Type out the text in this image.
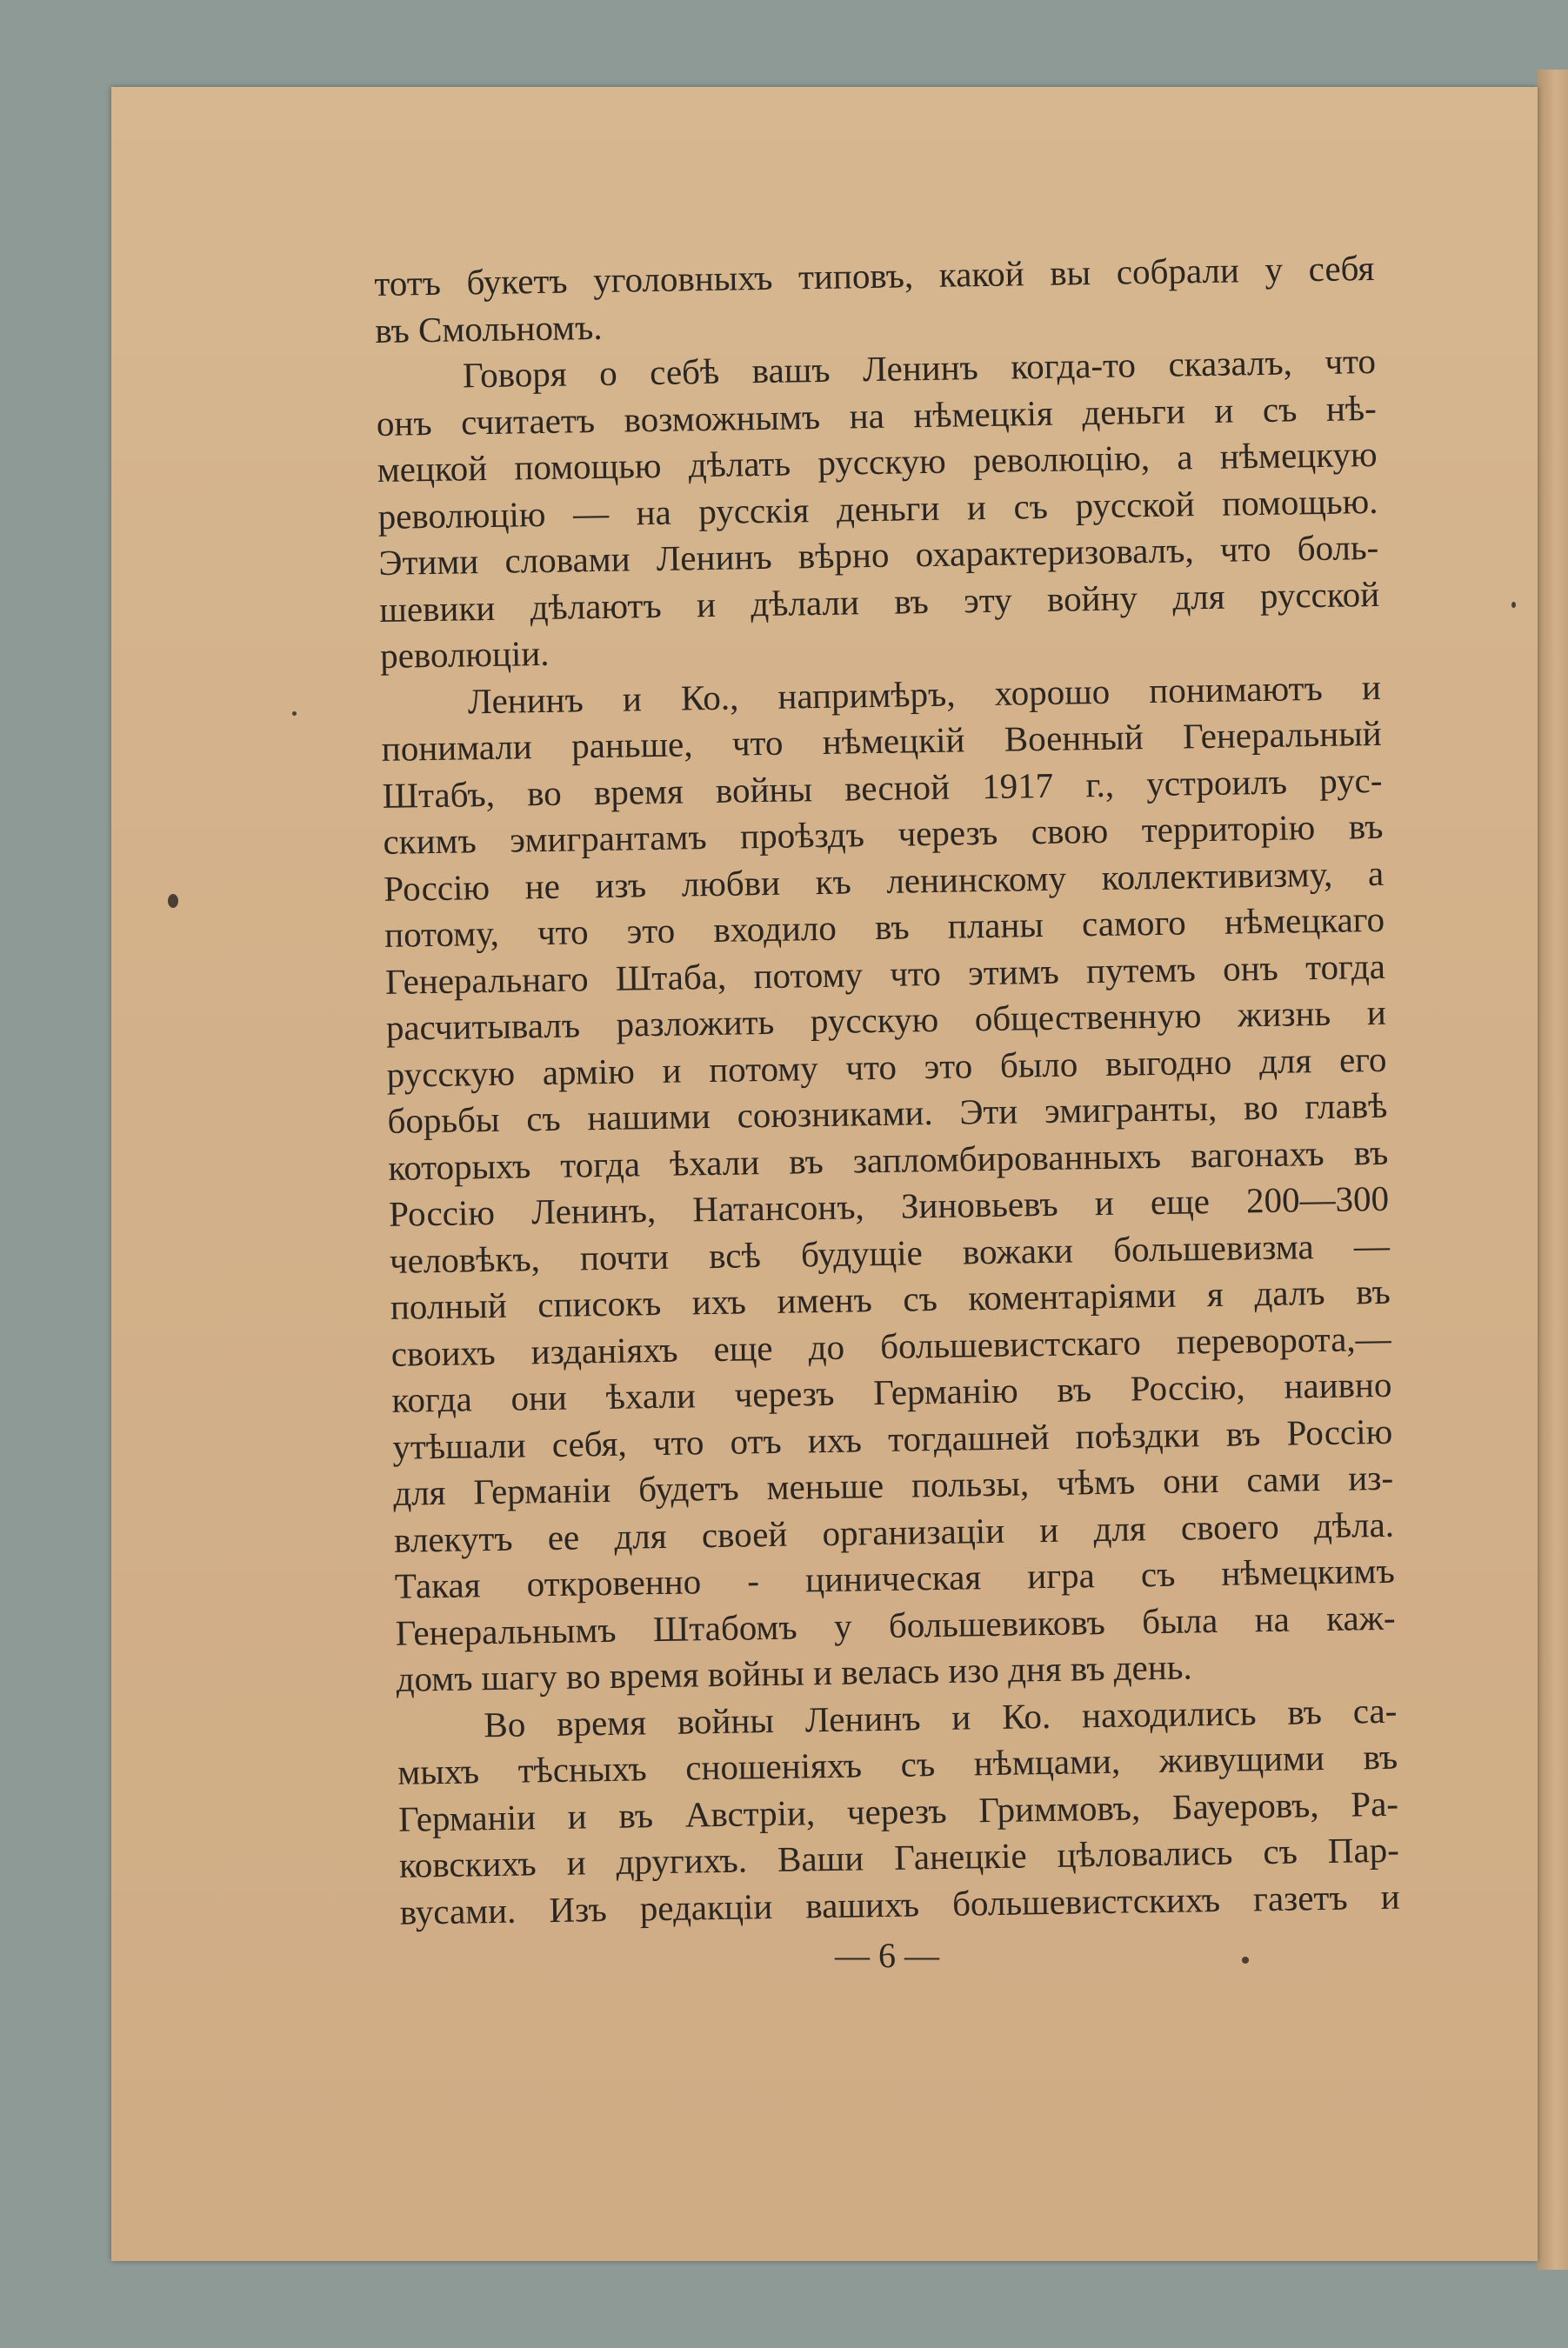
тотъ букетъ уголовныхъ типовъ, какой вы собрали у себя
въ Смольномъ.
Говоря о себѣ вашъ Ленинъ когда-то сказалъ, что
онъ считаетъ возможнымъ на нѣмецкія деньги и съ нѣ-
мецкой помощью дѣлать русскую революцію, а нѣмецкую
революцію — на русскія деньги и съ русской помощью.
Этими словами Ленинъ вѣрно охарактеризовалъ, что боль-
шевики дѣлаютъ и дѣлали въ эту войну для русской
революціи.
Ленинъ и Ко., напримѣръ, хорошо понимаютъ и
понимали раньше, что нѣмецкій Военный Генеральный
Штабъ, во время войны весной 1917 г., устроилъ рус-
скимъ эмигрантамъ проѣздъ черезъ свою территорію въ
Россію не изъ любви къ ленинскому коллективизму, а
потому, что это входило въ планы самого нѣмецкаго
Генеральнаго Штаба, потому что этимъ путемъ онъ тогда
расчитывалъ разложить русскую общественную жизнь и
русскую армію и потому что это было выгодно для его
борьбы съ нашими союзниками. Эти эмигранты, во главѣ
которыхъ тогда ѣхали въ запломбированныхъ вагонахъ въ
Россію Ленинъ, Натансонъ, Зиновьевъ и еще 200—300
человѣкъ, почти всѣ будущіе вожаки большевизма —
полный списокъ ихъ именъ съ коментаріями я далъ въ
своихъ изданіяхъ еще до большевистскаго переворота,—
когда они ѣхали черезъ Германію въ Россію, наивно
утѣшали себя, что отъ ихъ тогдашней поѣздки въ Россію
для Германіи будетъ меньше пользы, чѣмъ они сами из-
влекутъ ее для своей организаціи и для своего дѣла.
Такая откровенно - циническая игра съ нѣмецкимъ
Генеральнымъ Штабомъ у большевиковъ была на каж-
домъ шагу во время войны и велась изо дня въ день.
Во время войны Ленинъ и Ко. находились въ са-
мыхъ тѣсныхъ сношеніяхъ съ нѣмцами, живущими въ
Германіи и въ Австріи, черезъ Гриммовъ, Бауеровъ, Ра-
ковскихъ и другихъ. Ваши Ганецкіе цѣловались съ Пар-
вусами. Изъ редакціи вашихъ большевистскихъ газетъ и
— 6 —
